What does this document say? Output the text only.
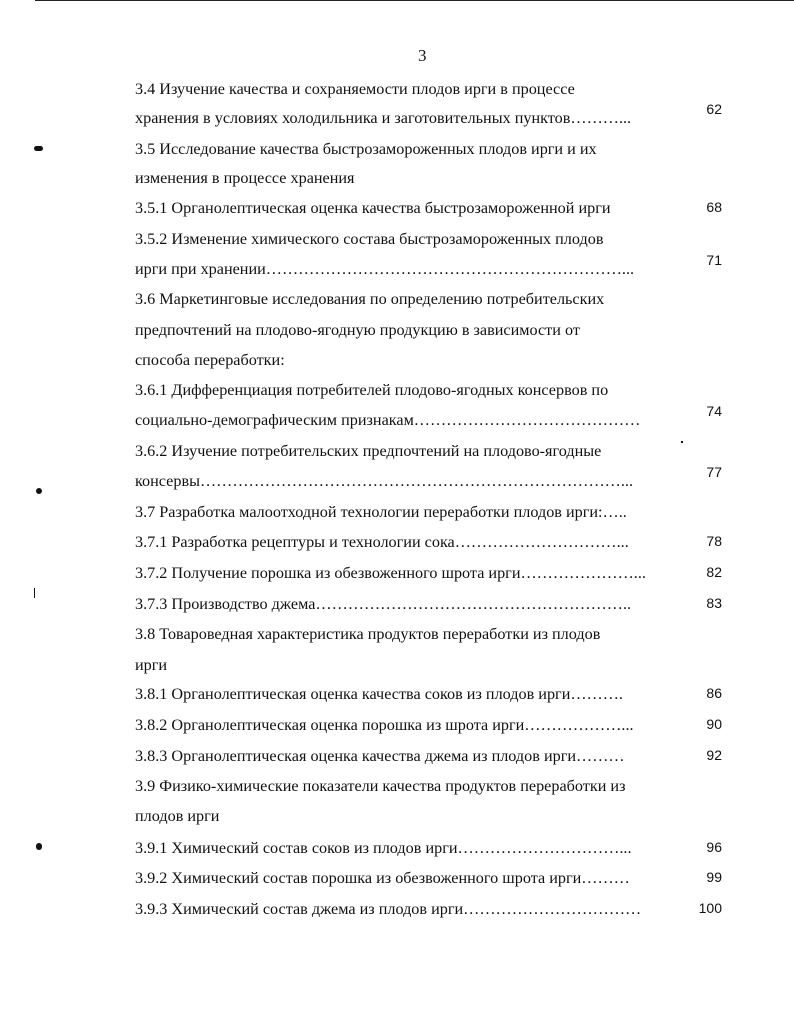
3
3.4 Изучение качества и сохраняемости плодов ирги в процессе
хранения в условиях холодильника и заготовительных пунктов………...	62
3.5 Исследование качества быстрозамороженных плодов ирги и их
изменения в процессе хранения
3.5.1 Органолептическая оценка качества быстрозамороженной ирги	68
3.5.2 Изменение химического состава быстрозамороженных плодов
ирги при хранении…………………………………………………………...	71
3.6 Маркетинговые исследования по определению потребительских
предпочтений на плодово-ягодную продукцию в зависимости от
способа переработки:
3.6.1 Дифференциация потребителей плодово-ягодных консервов по
социально-демографическим признакам……………………………………	74
3.6.2 Изучение потребительских предпочтений на плодово-ягодные
консервы……………………………………………………………………...	77
3.7 Разработка малоотходной технологии переработки плодов ирги:…..
3.7.1 Разработка рецептуры и технологии сока…………………………...	78
3.7.2 Получение порошка из обезвоженного шрота ирги…………………...	82
3.7.3 Производство джема…………………………………………………..	83
3.8 Товароведная характеристика продуктов переработки из плодов
ирги
3.8.1 Органолептическая оценка качества соков из плодов ирги……….	86
3.8.2 Органолептическая оценка порошка из шрота ирги………………...	90
3.8.3 Органолептическая оценка качества джема из плодов ирги………	92
3.9 Физико-химические показатели качества продуктов переработки из
плодов ирги
3.9.1 Химический состав соков из плодов ирги…………………………...	96
3.9.2 Химический состав порошка из обезвоженного шрота ирги………	99
3.9.3 Химический состав джема из плодов ирги……………………………	100
